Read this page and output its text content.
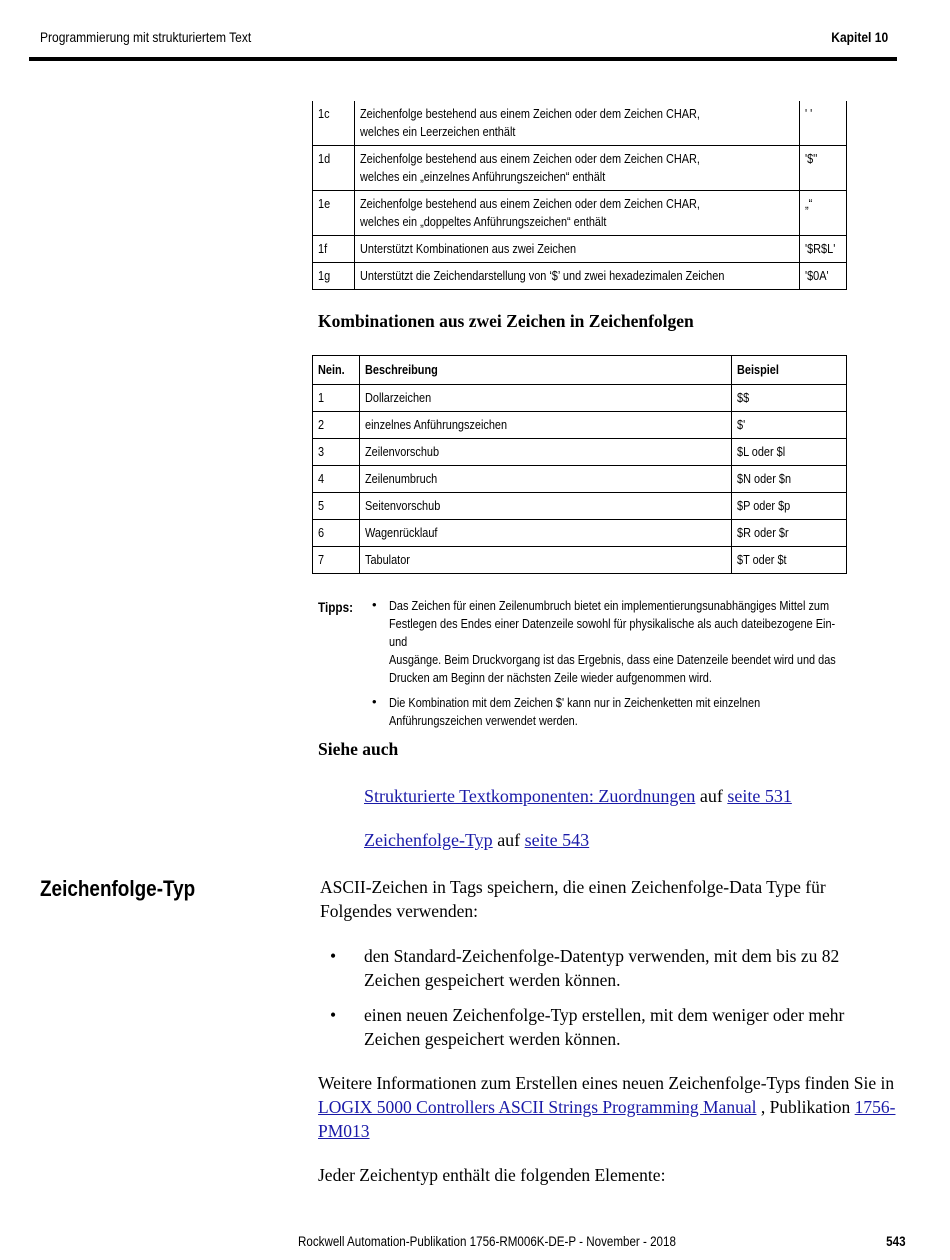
Programmierung mit strukturiertem Text	Kapitel 10
1c	Zeichenfolge bestehend aus einem Zeichen oder dem Zeichen CHAR,
welches ein Leerzeichen enthält	' '
1d	Zeichenfolge bestehend aus einem Zeichen oder dem Zeichen CHAR,
welches ein „einzelnes Anführungszeichen“ enthält	'$''
1e	Zeichenfolge bestehend aus einem Zeichen oder dem Zeichen CHAR,
welches ein „doppeltes Anführungszeichen“ enthält	„“
1f	Unterstützt Kombinationen aus zwei Zeichen	'$R$L'
1g	Unterstützt die Zeichendarstellung von ‘$’ und zwei hexadezimalen Zeichen	'$0A'
Kombinationen aus zwei Zeichen in Zeichenfolgen
Nein.	Beschreibung	Beispiel
1	Dollarzeichen	$$
2	einzelnes Anführungszeichen	$'
3	Zeilenvorschub	$L oder $l
4	Zeilenumbruch	$N oder $n
5	Seitenvorschub	$P oder $p
6	Wagenrücklauf	$R oder $r
7	Tabulator	$T oder $t
Tipps: • Das Zeichen für einen Zeilenumbruch bietet ein implementierungsunabhängiges Mittel zum
Festlegen des Endes einer Datenzeile sowohl für physikalische als auch dateibezogene Ein- und
Ausgänge. Beim Druckvorgang ist das Ergebnis, dass eine Datenzeile beendet wird und das
Drucken am Beginn der nächsten Zeile wieder aufgenommen wird.
• Die Kombination mit dem Zeichen $' kann nur in Zeichenketten mit einzelnen
Anführungszeichen verwendet werden.
Siehe auch
Strukturierte Textkomponenten: Zuordnungen auf seite 531
Zeichenfolge-Typ auf seite 543
Zeichenfolge-Typ	ASCII-Zeichen in Tags speichern, die einen Zeichenfolge-Data Type für Folgendes verwenden:

• den Standard-Zeichenfolge-Datentyp verwenden, mit dem bis zu 82 Zeichen gespeichert werden können.
• einen neuen Zeichenfolge-Typ erstellen, mit dem weniger oder mehr Zeichen gespeichert werden können.

Weitere Informationen zum Erstellen eines neuen Zeichenfolge-Typs finden Sie in LOGIX 5000 Controllers ASCII Strings Programming Manual , Publikation 1756-PM013

Jeder Zeichentyp enthält die folgenden Elemente:

Rockwell Automation-Publikation 1756-RM006K-DE-P - November - 2018	543
